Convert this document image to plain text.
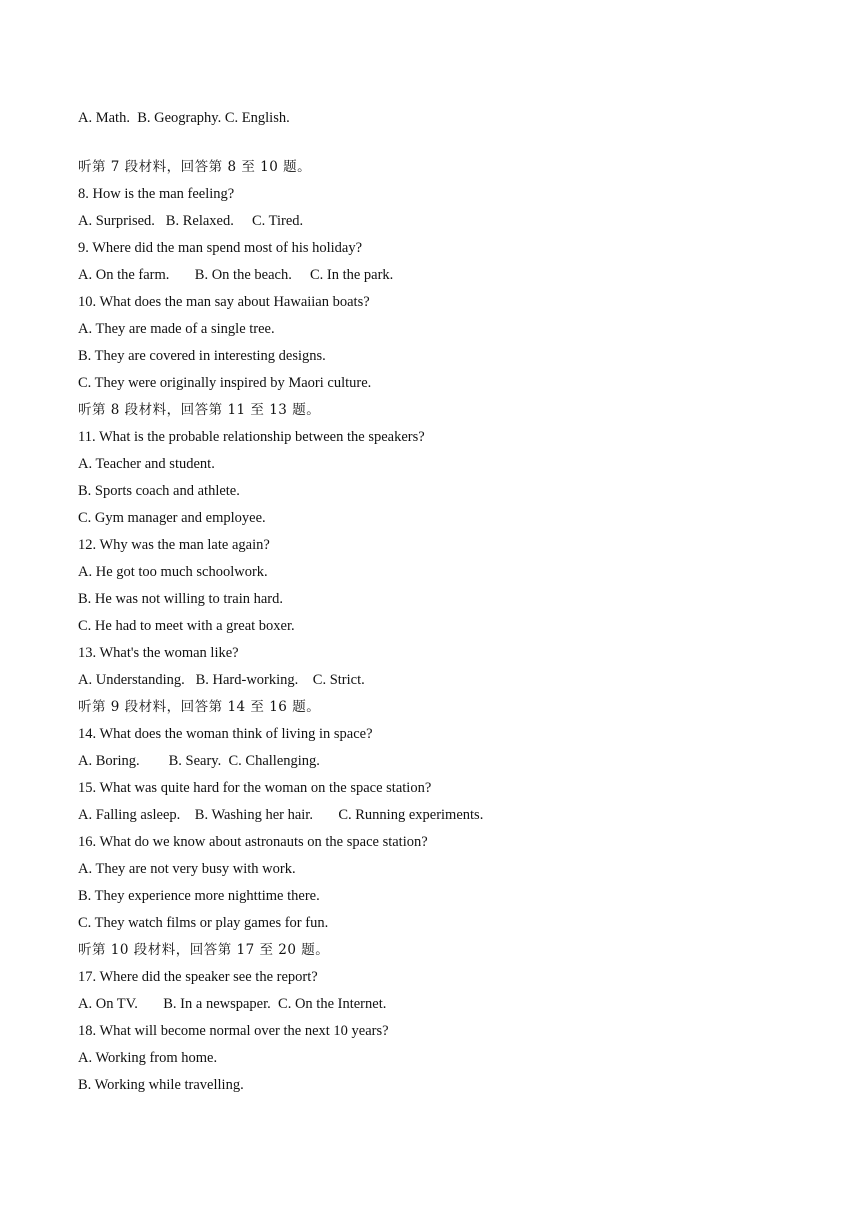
A. Math.  B. Geography. C. English.
听第 7 段材料，回答第 8 至 10 题。
8. How is the man feeling?
A. Surprised.   B. Relaxed.     C. Tired.
9. Where did the man spend most of his holiday?
A. On the farm.       B. On the beach.     C. In the park.
10. What does the man say about Hawaiian boats?
A. They are made of a single tree.
B. They are covered in interesting designs.
C. They were originally inspired by Maori culture.
听第 8 段材料，回答第 11 至 13 题。
11. What is the probable relationship between the speakers?
A. Teacher and student.
B. Sports coach and athlete.
C. Gym manager and employee.
12. Why was the man late again?
A. He got too much schoolwork.
B. He was not willing to train hard.
C. He had to meet with a great boxer.
13. What's the woman like?
A. Understanding.   B. Hard-working.    C. Strict.
听第 9 段材料，回答第 14 至 16 题。
14. What does the woman think of living in space?
A. Boring.        B. Seary.  C. Challenging.
15. What was quite hard for the woman on the space station?
A. Falling asleep.    B. Washing her hair.       C. Running experiments.
16. What do we know about astronauts on the space station?
A. They are not very busy with work.
B. They experience more nighttime there.
C. They watch films or play games for fun.
听第 10 段材料，回答第 17 至 20 题。
17. Where did the speaker see the report?
A. On TV.       B. In a newspaper.  C. On the Internet.
18. What will become normal over the next 10 years?
A. Working from home.
B. Working while travelling.
